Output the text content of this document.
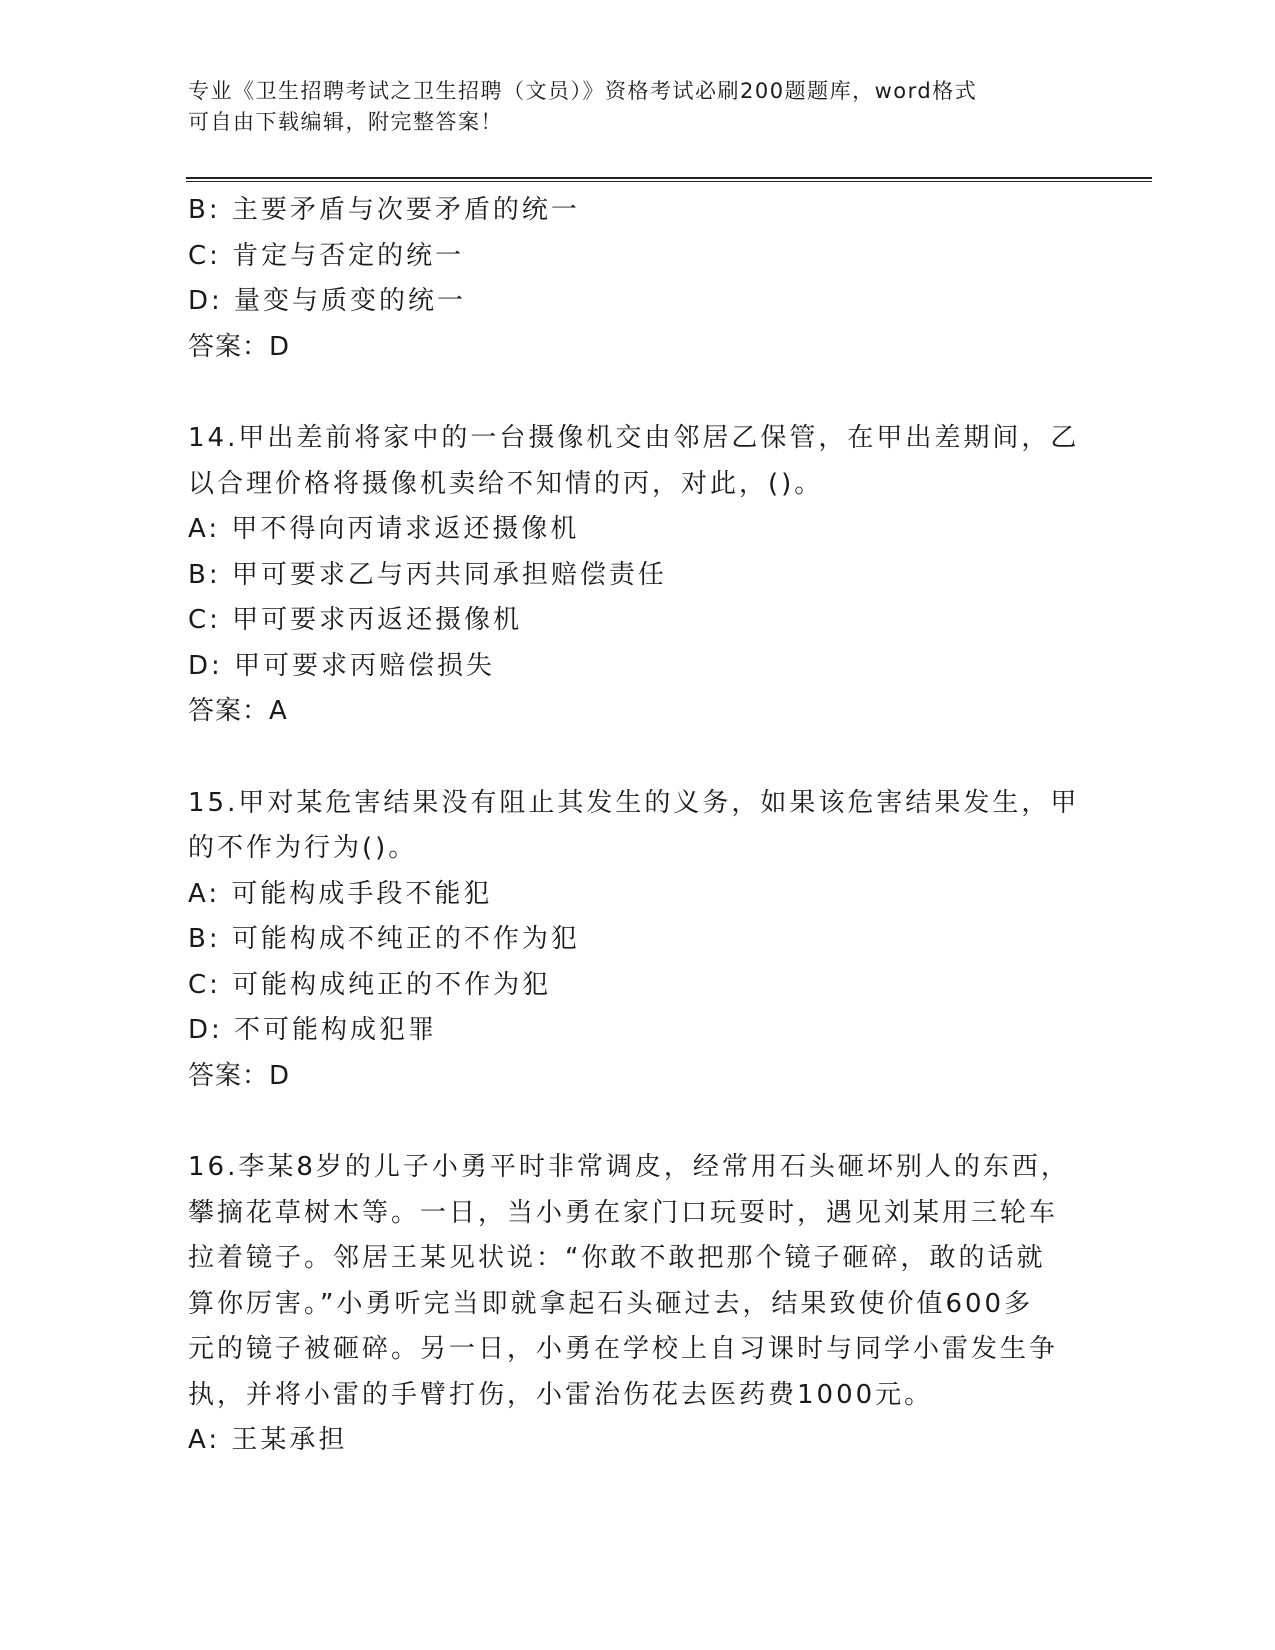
专业《卫生招聘考试之卫生招聘（文员）》资格考试必刷200题题库，word格式
可自由下载编辑，附完整答案！
B: 主要矛盾与次要矛盾的统一
C: 肯定与否定的统一
D: 量变与质变的统一
答案：D
14.甲出差前将家中的一台摄像机交由邻居乙保管，在甲出差期间，乙
以合理价格将摄像机卖给不知情的丙，对此，()。
A: 甲不得向丙请求返还摄像机
B: 甲可要求乙与丙共同承担赔偿责任
C: 甲可要求丙返还摄像机
D: 甲可要求丙赔偿损失
答案：A
15.甲对某危害结果没有阻止其发生的义务，如果该危害结果发生，甲
的不作为行为()。
A: 可能构成手段不能犯
B: 可能构成不纯正的不作为犯
C: 可能构成纯正的不作为犯
D: 不可能构成犯罪
答案：D
16.李某8岁的儿子小勇平时非常调皮，经常用石头砸坏别人的东西，
攀摘花草树木等。一日，当小勇在家门口玩耍时，遇见刘某用三轮车
拉着镜子。邻居王某见状说：“你敢不敢把那个镜子砸碎，敢的话就
算你厉害。”小勇听完当即就拿起石头砸过去，结果致使价值600多
元的镜子被砸碎。另一日，小勇在学校上自习课时与同学小雷发生争
执，并将小雷的手臂打伤，小雷治伤花去医药费1000元。
A: 王某承担
